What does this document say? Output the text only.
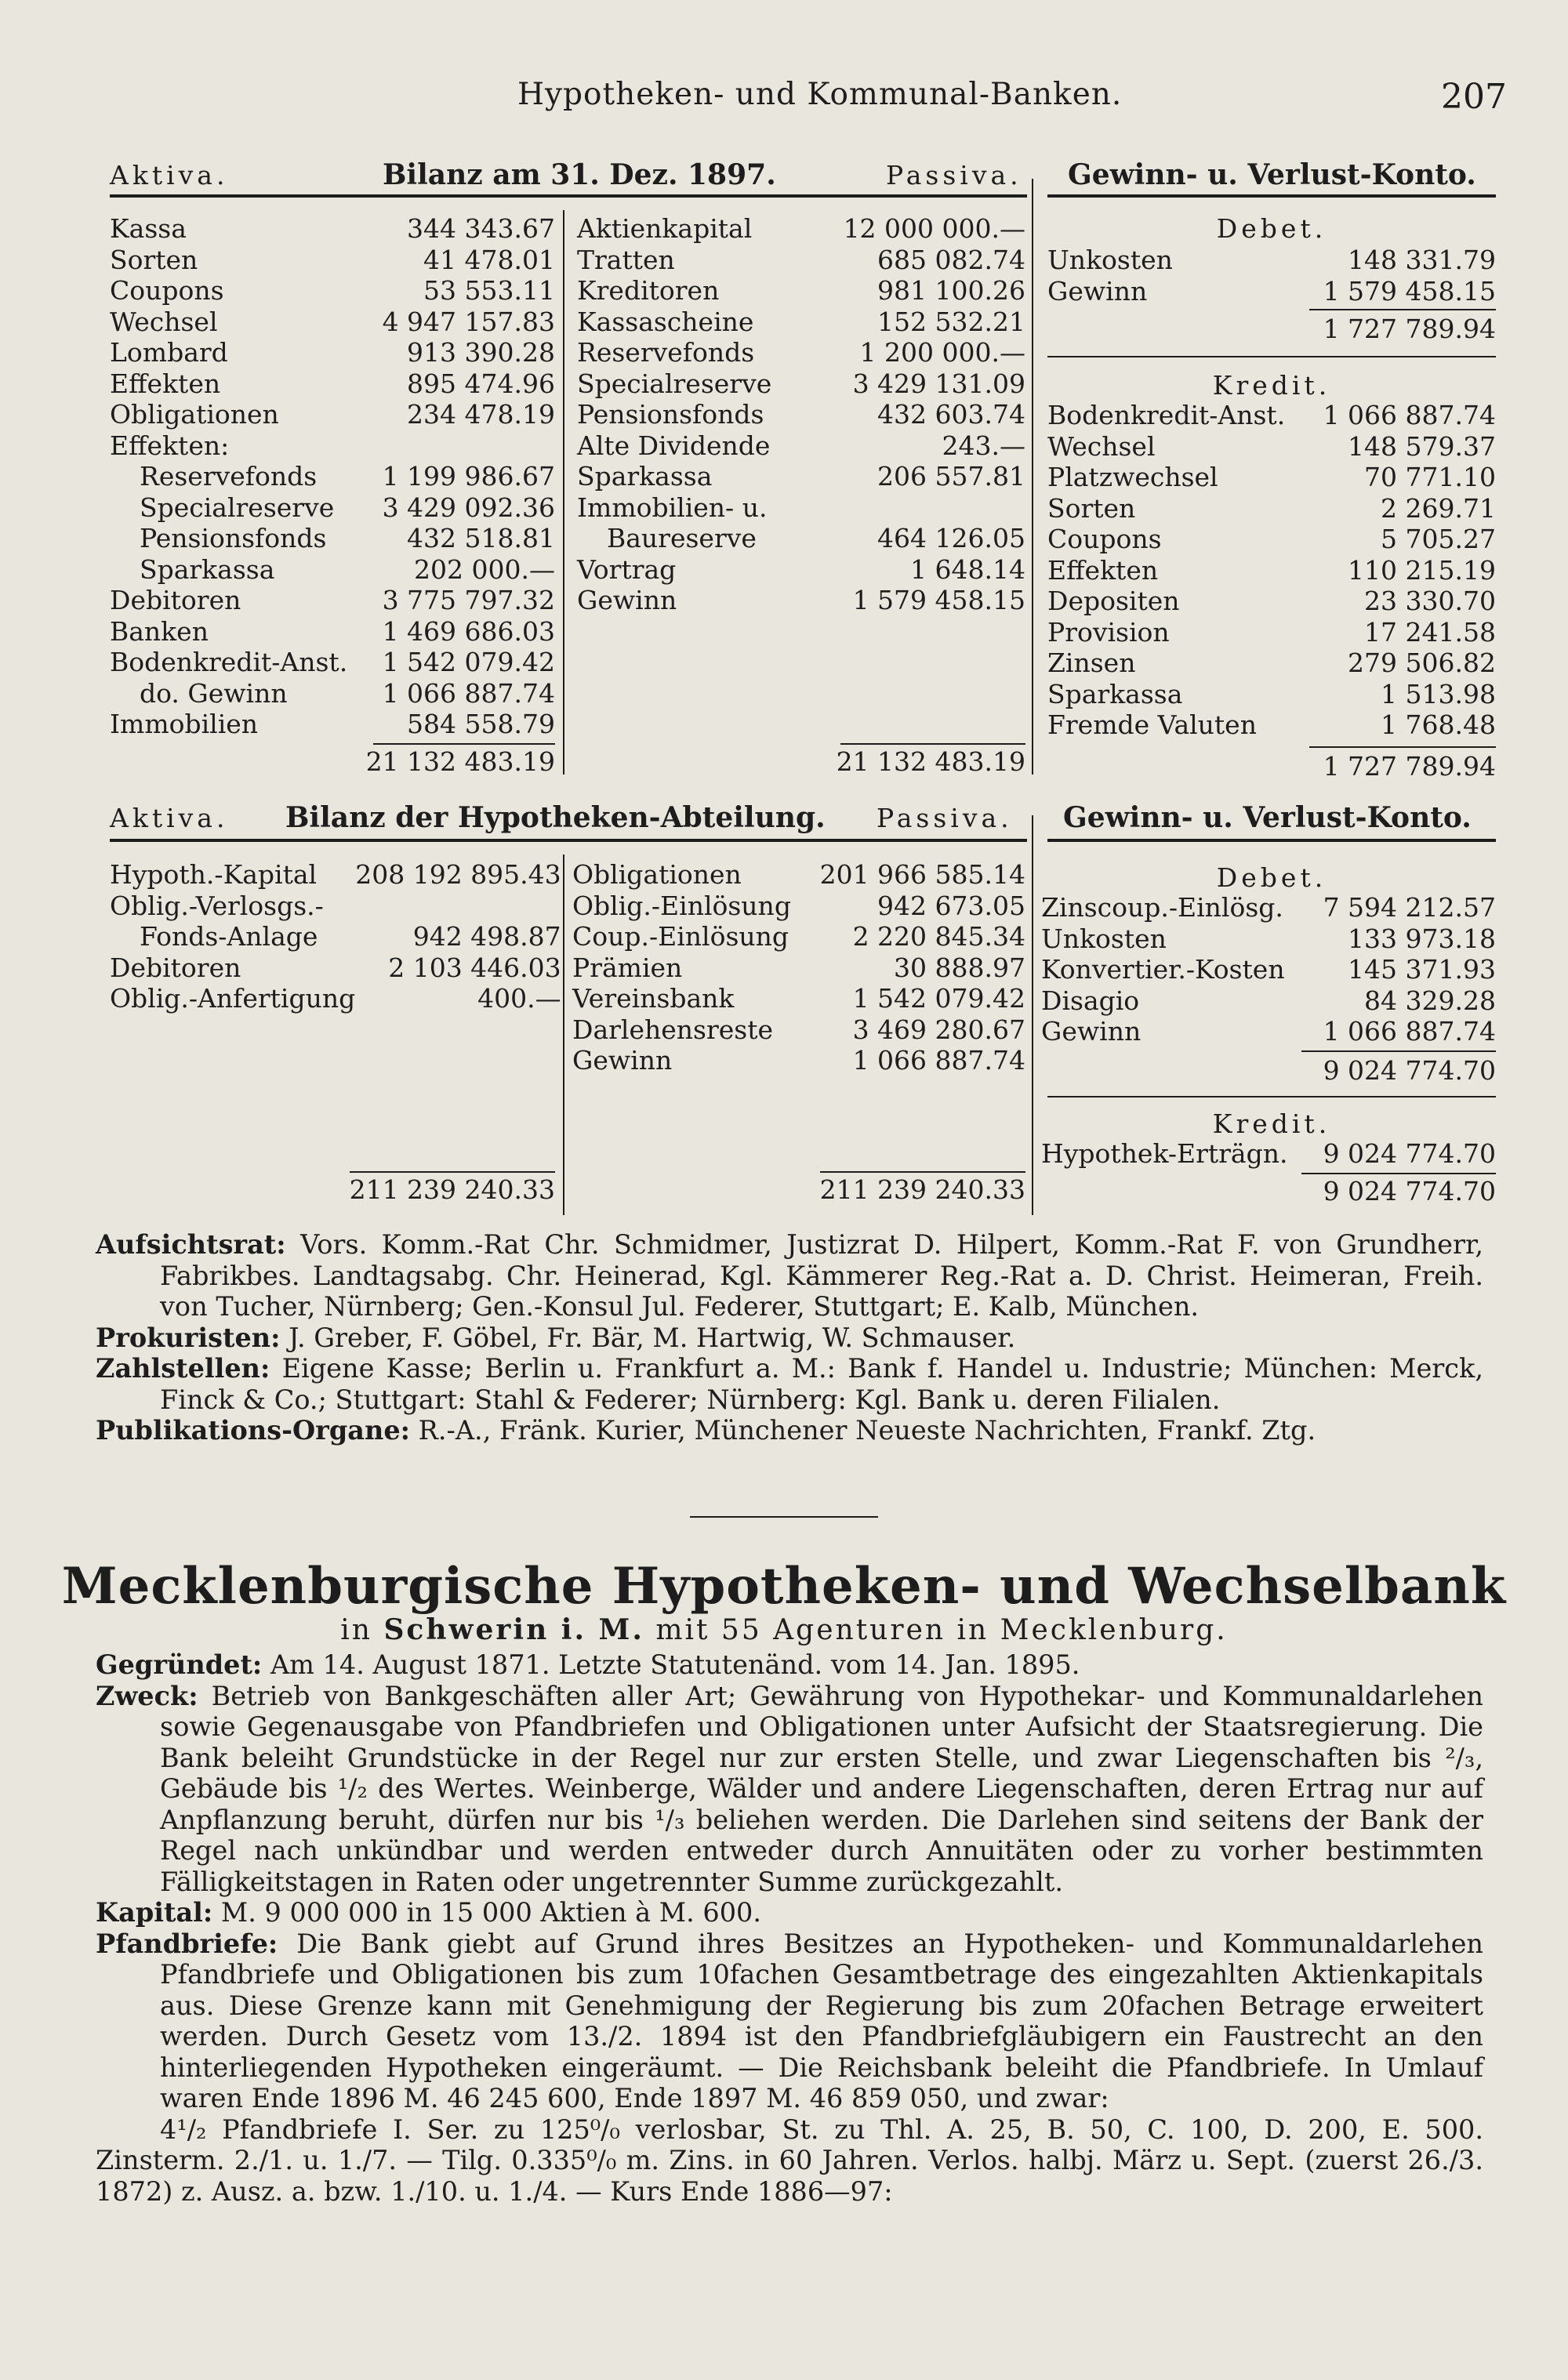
Hypotheken- und Kommunal-Banken.	207
Aktiva.	Bilanz am 31. Dez. 1897.	Passiva. Gewinn- u. Verlust-Konto.
Kassa	344 343.67
Sorten	41 478.01
Coupons	53 553.11
Wechsel	4 947 157.83
Lombard	913 390.28
Effekten	895 474.96
Obligationen	234 478.19
Effekten:	
Reservefonds	1 199 986.67
Specialreserve	3 429 092.36
Pensionsfonds	432 518.81
Sparkassa	202 000.—
Debitoren	3 775 797.32
Banken	1 469 686.03
Bodenkredit-Anst.	1 542 079.42
do. Gewinn	1 066 887.74
Immobilien	584 558.79
21 132 483.19
Aktienkapital	12 000 000.—
Tratten	685 082.74
Kreditoren	981 100.26
Kassascheine	152 532.21
Reservefonds	1 200 000.—
Specialreserve	3 429 131.09
Pensionsfonds	432 603.74
Alte Dividende	243.—
Sparkassa	206 557.81
Immobilien- u.	
Baureserve	464 126.05
Vortrag	1 648.14
Gewinn	1 579 458.15
21 132 483.19
Debet.
Unkosten	148 331.79
Gewinn	1 579 458.15
1 727 789.94
Kredit.
Bodenkredit-Anst.	1 066 887.74
Wechsel	148 579.37
Platzwechsel	70 771.10
Sorten	2 269.71
Coupons	5 705.27
Effekten	110 215.19
Depositen	23 330.70
Provision	17 241.58
Zinsen	279 506.82
Sparkassa	1 513.98
Fremde Valuten	1 768.48
1 727 789.94
Aktiva. Bilanz der Hypotheken-Abteilung. Passiva. Gewinn- u. Verlust-Konto.
Hypoth.-Kapital	208 192 895.43
Oblig.-Verlosgs.-	
Fonds-Anlage	942 498.87
Debitoren	2 103 446.03
Oblig.-Anfertigung	400.—
211 239 240.33
Obligationen	201 966 585.14
Oblig.-Einlösung	942 673.05
Coup.-Einlösung	2 220 845.34
Prämien	30 888.97
Vereinsbank	1 542 079.42
Darlehensreste	3 469 280.67
Gewinn	1 066 887.74
211 239 240.33
Debet.
Zinscoup.-Einlösg.	7 594 212.57
Unkosten	133 973.18
Konvertier.-Kosten	145 371.93
Disagio	84 329.28
Gewinn	1 066 887.74
9 024 774.70
Kredit.
Hypothek-Erträgn.	9 024 774.70
9 024 774.70

Aufsichtsrat: Vors. Komm.-Rat Chr. Schmidmer, Justizrat D. Hilpert, Komm.-Rat F. von Grundherr, Fabrikbes. Landtagsabg. Chr. Heinerad, Kgl. Kämmerer Reg.-Rat a. D. Christ. Heimeran, Freih. von Tucher, Nürnberg; Gen.-Konsul Jul. Federer, Stuttgart; E. Kalb, München.

Prokuristen: J. Greber, F. Göbel, Fr. Bär, M. Hartwig, W. Schmauser.

Zahlstellen: Eigene Kasse; Berlin u. Frankfurt a. M.: Bank f. Handel u. Industrie; München: Merck, Finck & Co.; Stuttgart: Stahl & Federer; Nürnberg: Kgl. Bank u. deren Filialen.

Publikations-Organe: R.-A., Fränk. Kurier, Münchener Neueste Nachrichten, Frankf. Ztg.

Mecklenburgische Hypotheken- und Wechselbank
in Schwerin i. M. mit 55 Agenturen in Mecklenburg.

Gegründet: Am 14. August 1871. Letzte Statutenänd. vom 14. Jan. 1895.

Zweck: Betrieb von Bankgeschäften aller Art; Gewährung von Hypothekar- und Kommunaldarlehen sowie Gegenausgabe von Pfandbriefen und Obligationen unter Aufsicht der Staatsregierung. Die Bank beleiht Grundstücke in der Regel nur zur ersten Stelle, und zwar Liegenschaften bis ²/₃, Gebäude bis ¹/₂ des Wertes. Weinberge, Wälder und andere Liegenschaften, deren Ertrag nur auf Anpflanzung beruht, dürfen nur bis ¹/₃ beliehen werden. Die Darlehen sind seitens der Bank der Regel nach unkündbar und werden entweder durch Annuitäten oder zu vorher bestimmten Fälligkeitstagen in Raten oder ungetrennter Summe zurückgezahlt.

Kapital: M. 9 000 000 in 15 000 Aktien à M. 600.

Pfandbriefe: Die Bank giebt auf Grund ihres Besitzes an Hypotheken- und Kommunaldarlehen Pfandbriefe und Obligationen bis zum 10fachen Gesamtbetrage des eingezahlten Aktienkapitals aus. Diese Grenze kann mit Genehmigung der Regierung bis zum 20fachen Betrage erweitert werden. Durch Gesetz vom 13./2. 1894 ist den Pfandbriefgläubigern ein Faustrecht an den hinterliegenden Hypotheken eingeräumt. — Die Reichsbank beleiht die Pfandbriefe. In Umlauf waren Ende 1896 M. 46 245 600, Ende 1897 M. 46 859 050, und zwar:

4¹/₂ Pfandbriefe I. Ser. zu 125⁰/₀ verlosbar, St. zu Thl. A. 25, B. 50, C. 100, D. 200, E. 500. Zinsterm. 2./1. u. 1./7. — Tilg. 0.335⁰/₀ m. Zins. in 60 Jahren. Verlos. halbj. März u. Sept. (zuerst 26./3. 1872) z. Ausz. a. bzw. 1./10. u. 1./4. — Kurs Ende 1886—97:
